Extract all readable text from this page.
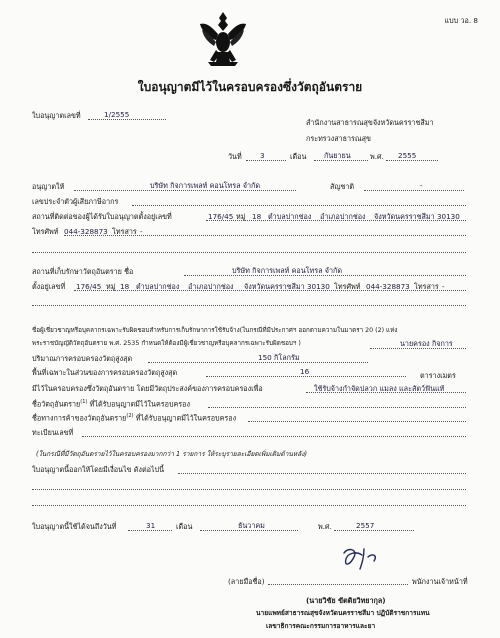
แบบ วอ. 8
ใบอนุญาตมีไว้ในครอบครองซึ่งวัตถุอันตราย
ใบอนุญาตเลขที่	1/2555
สำนักงานสาธารณสุขจังหวัดนครราชสีมา
กระทรวงสาธารณสุข
วันที่	3	เดือน กันยายน	พ.ศ. 2555
อนุญาตให้	บริษัท กิจการเพลท์ คอนโทรล จำกัด	สัญชาติ	-
เลขประจำตัวผู้เสียภาษีอากร
สถานที่ติดต่อของผู้ได้รับใบอนุญาตตั้งอยู่เลขที่	176/45 หมู่ 18 ตำบลปากช่อง อำเภอปากช่อง จังหวัดนครราชสีมา 30130
โทรศัพท์ 044-328873 โทรสาร -
สถานที่เก็บรักษาวัตถุอันตราย ชื่อ	บริษัท กิจการเพลท์ คอนโทรล จำกัด
ตั้งอยู่เลขที่ 176/45 หมู่ 18 ตำบลปากช่อง อำเภอปากช่อง จังหวัดนครราชสีมา 30130 โทรศัพท์ 044-328873 โทรสาร -
ชื่อผู้เชี่ยวชาญหรือบุคลากรเฉพาะรับผิดชอบสำหรับการเก็บรักษาการใช้รับจ้าง(ในกรณีที่มีประกาศฯ ออกตามความในมาตรา 20 (2) แห่ง
พระราชบัญญัติวัตถุอันตราย พ.ศ. 2535 กำหนดให้ต้องมีผู้เชี่ยวชาญหรือบุคลากรเฉพาะรับผิดชอบฯ )	นายครอง กิจการ
ปริมาณการครอบครองวัตถุสูงสุด	150 กิโลกรัม
พื้นที่เฉพาะในส่วนของการครอบครองวัตถุสูงสุด	16	ตารางเมตร
มีไว้ในครอบครองซึ่งวัตถุอันตราย โดยมีวัตถุประสงค์ของการครอบครองเพื่อ	ใช้รับจ้างกำจัดปลวก แมลง และสัตว์ฟันแท้
ชื่อวัตถุอันตราย$^{(1)}$ ที่ได้รับอนุญาตมีไว้ในครอบครอง
ชื่อทางการค้าของวัตถุอันตราย$^{(2)}$ ที่ได้รับอนุญาตมีไว้ในครอบครอง
ทะเบียนเลขที่
(ในกรณีที่มีวัตถุอันตรายไว้ในครอบครองมากกว่า 1 รายการ ให้ระบุรายละเอียดเพิ่มเติมด้านหลัง)
ใบอนุญาตนี้ออกให้โดยมีเงื่อนไข ดังต่อไปนี้
ใบอนุญาตนี้ใช้ได้จนถึงวันที่	31	เดือน	ธันวาคม	พ.ศ.	2557
(ลายมือชื่อ)	พนักงานเจ้าหน้าที่
(นายวิชัย ขัตติยวิทยากุล)
นายแพทย์สาธารณสุขจังหวัดนครราชสีมา ปฏิบัติราชการแทน
เลขาธิการคณะกรรมการอาหารและยา
